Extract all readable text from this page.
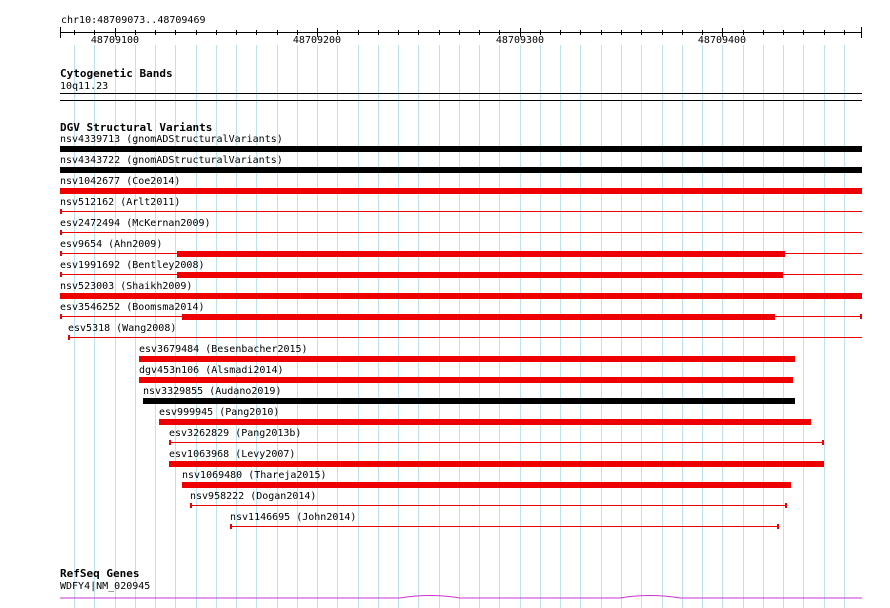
chr10:48709073..48709469
48709100	48709200	48709300	48709400
Cytogenetic Bands
10q11.23
DGV Structural Variants
nsv4339713 (gnomADStructuralVariants)
nsv4343722 (gnomADStructuralVariants)
nsv1042677 (Coe2014)
nsv512162 (Arlt2011)
esv2472494 (McKernan2009)
esv9654 (Ahn2009)
esv1991692 (Bentley2008)
nsv523003 (Shaikh2009)
esv3546252 (Boomsma2014)
esv5318 (Wang2008)
esv3679484 (Besenbacher2015)
dgv453n106 (Alsmadi2014)
nsv3329855 (Audano2019)
esv999945 (Pang2010)
esv3262829 (Pang2013b)
esv1063968 (Levy2007)
nsv1069480 (Thareja2015)
nsv958222 (Dogan2014)
nsv1146695 (John2014)
RefSeq Genes
WDFY4|NM_020945
